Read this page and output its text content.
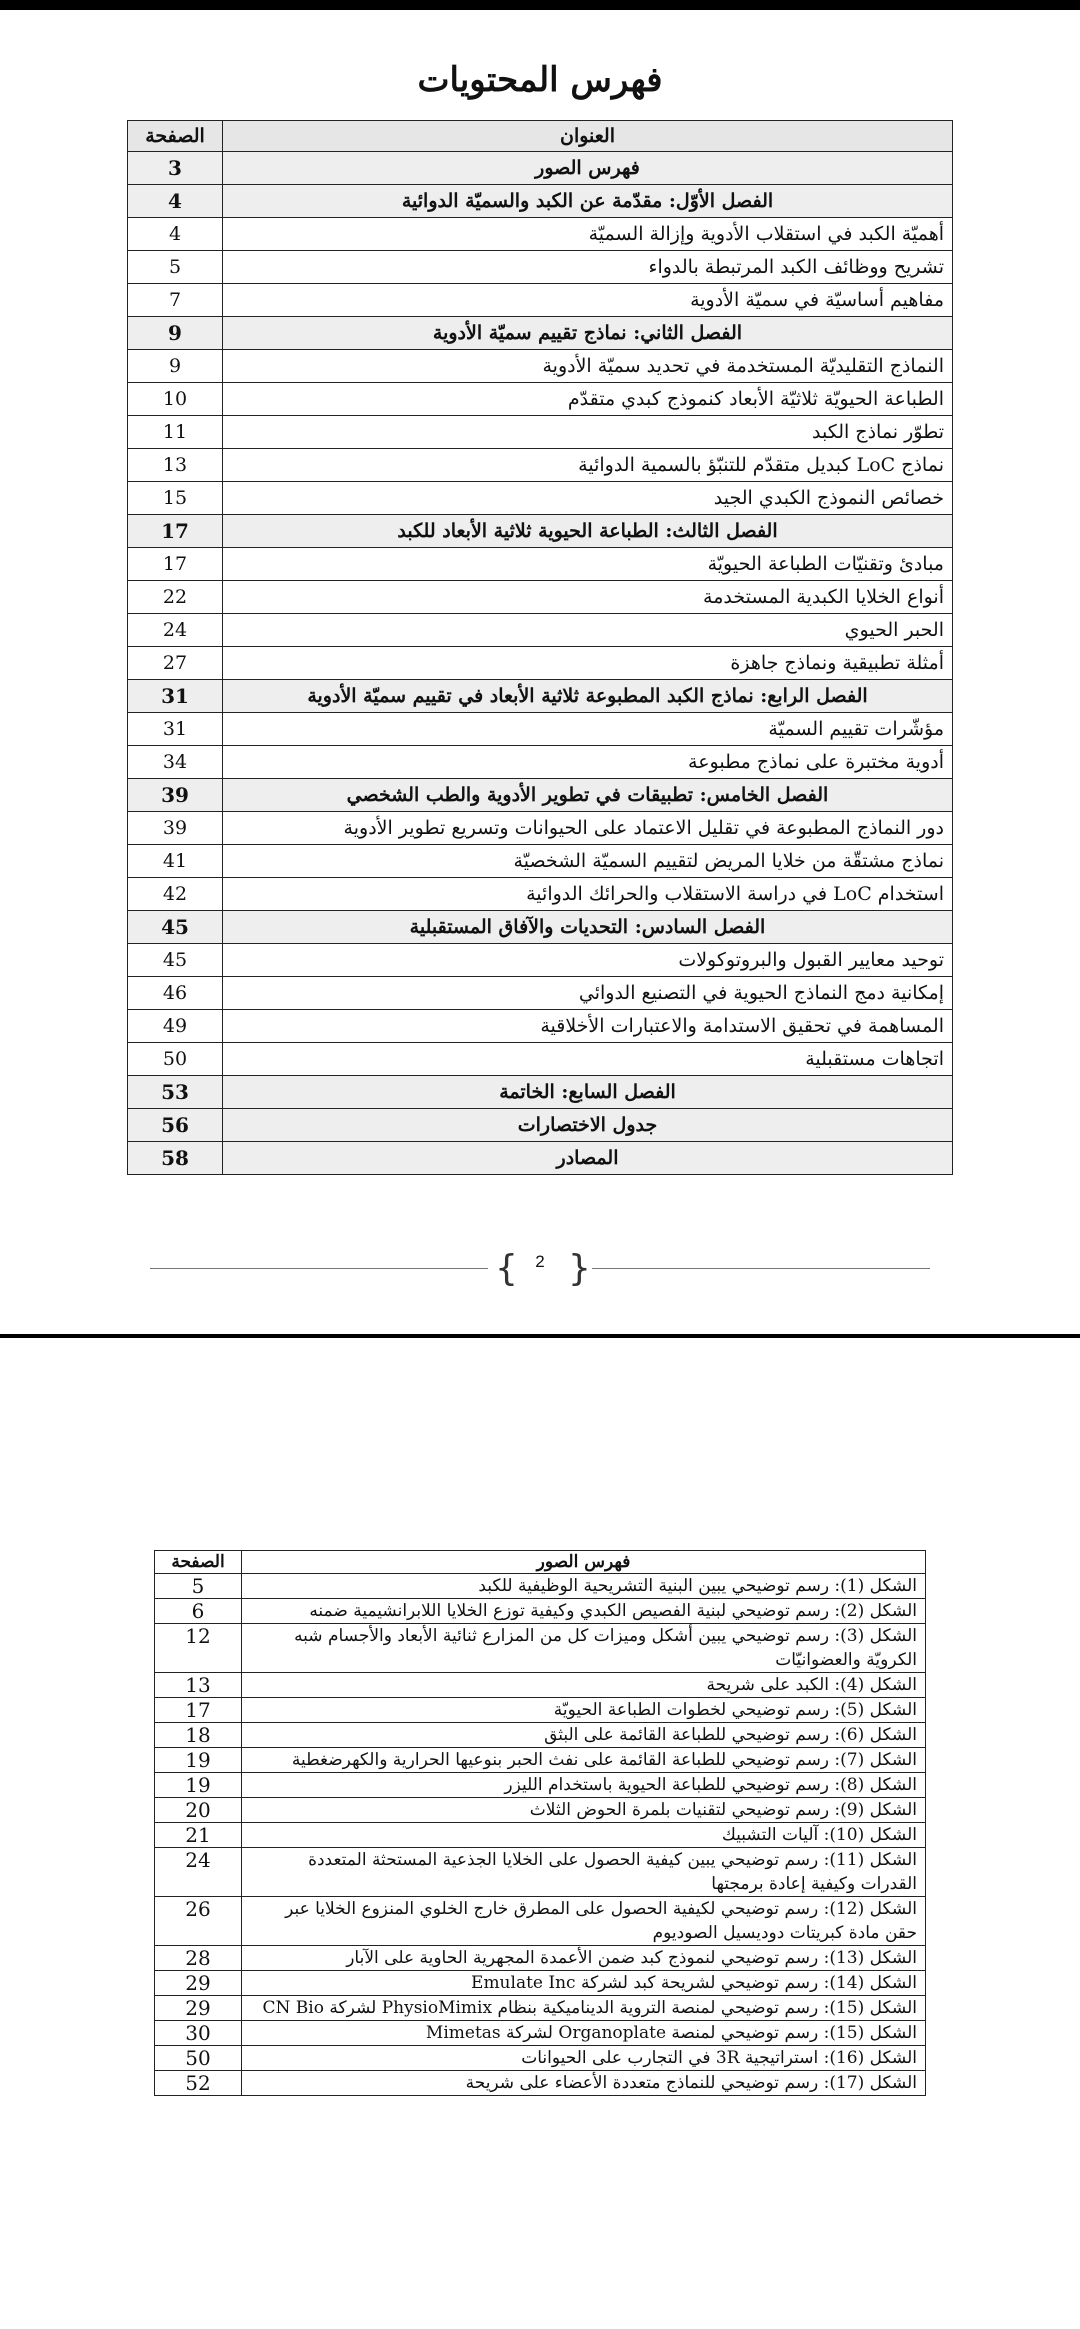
فهرس المحتويات
العنوان	الصفحة
فهرس الصور	3
الفصل الأوّل: مقدّمة عن الكبد والسميّة الدوائية	4
أهميّة الكبد في استقلاب الأدوية وإزالة السميّة	4
تشريح ووظائف الكبد المرتبطة بالدواء	5
مفاهيم أساسيّة في سميّة الأدوية	7
الفصل الثاني: نماذج تقييم سميّة الأدوية	9
النماذج التقليديّة المستخدمة في تحديد سميّة الأدوية	9
الطباعة الحيويّة ثلاثيّة الأبعاد كنموذج كبدي متقدّم	10
تطوّر نماذج الكبد	11
نماذج LoC كبديل متقدّم للتنبّؤ بالسمية الدوائية	13
خصائص النموذج الكبدي الجيد	15
الفصل الثالث: الطباعة الحيوية ثلاثية الأبعاد للكبد	17
مبادئ وتقنيّات الطباعة الحيويّة	17
أنواع الخلايا الكبدية المستخدمة	22
الحبر الحيوي	24
أمثلة تطبيقية ونماذج جاهزة	27
الفصل الرابع: نماذج الكبد المطبوعة ثلاثية الأبعاد في تقييم سميّة الأدوية	31
مؤشّرات تقييم السميّة	31
أدوية مختبرة على نماذج مطبوعة	34
الفصل الخامس: تطبيقات في تطوير الأدوية والطب الشخصي	39
دور النماذج المطبوعة في تقليل الاعتماد على الحيوانات وتسريع تطوير الأدوية	39
نماذج مشتقّة من خلايا المريض لتقييم السميّة الشخصيّة	41
استخدام LoC في دراسة الاستقلاب والحرائك الدوائية	42
الفصل السادس: التحديات والآفاق المستقبلية	45
توحيد معايير القبول والبروتوكولات	45
إمكانية دمج النماذج الحيوية في التصنيع الدوائي	46
المساهمة في تحقيق الاستدامة والاعتبارات الأخلاقية	49
اتجاهات مستقبلية	50
الفصل السابع: الخاتمة	53
جدول الاختصارات	56
المصادر	58
{	2 }
فهرس الصور	الصفحة
الشكل (1): رسم توضيحي يبين البنية التشريحية الوظيفية للكبد	5
الشكل (2): رسم توضيحي لبنية الفصيص الكبدي وكيفية توزع الخلايا اللابرانشيمية ضمنه	6
الشكل (3): رسم توضيحي يبين أشكل وميزات كل من المزارع ثنائية الأبعاد والأجسام شبه الكرويّة والعضوانيّات	12
الشكل (4): الكبد على شريحة	13
الشكل (5): رسم توضيحي لخطوات الطباعة الحيويّة	17
الشكل (6): رسم توضيحي للطباعة القائمة على البثق	18
الشكل (7): رسم توضيحي للطباعة القائمة على نفث الحبر بنوعيها الحرارية والكهرضغطية	19
الشكل (8): رسم توضيحي للطباعة الحيوية باستخدام الليزر	19
الشكل (9): رسم توضيحي لتقنيات بلمرة الحوض الثلاث	20
الشكل (10): آليات التشبيك	21
الشكل (11): رسم توضيحي يبين كيفية الحصول على الخلايا الجذعية المستحثة المتعددة القدرات وكيفية إعادة برمجتها	24
الشكل (12): رسم توضيحي لكيفية الحصول على المطرق خارج الخلوي المنزوع الخلايا عبر حقن مادة كبريتات دوديسيل الصوديوم	26
الشكل (13): رسم توضيحي لنموذج كبد ضمن الأعمدة المجهرية الحاوية على الآبار	28
الشكل (14): رسم توضيحي لشريحة كبد لشركة Emulate Inc	29
الشكل (15): رسم توضيحي لمنصة التروية الديناميكية بنظام PhysioMimix لشركة CN Bio	29
الشكل (15): رسم توضيحي لمنصة Organoplate لشركة Mimetas	30
الشكل (16): استراتيجية 3R في التجارب على الحيوانات	50
الشكل (17): رسم توضيحي للنماذج متعددة الأعضاء على شريحة	52
